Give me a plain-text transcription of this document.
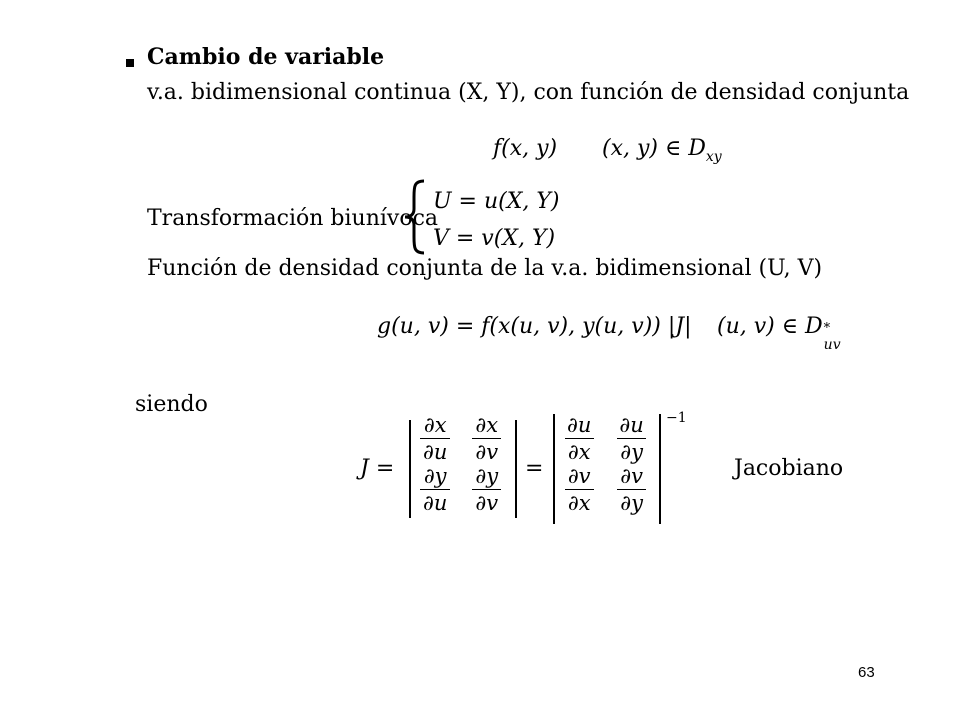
Cambio de variable
v.a. bidimensional continua (X, Y), con función de densidad conjunta
f(x, y) (x, y) ∈ $D_{xy}$
Transformación biunívoca
U = u(X, Y)
V = v(X, Y)
Función de densidad conjunta de la v.a. bidimensional (U, V)
g(u, v) = f(x(u, v), y(u, v)) |J| (u, v) ∈ D *
uv
siendo
J =
$\frac{\partial x}{\partial u} \frac{\partial x}{\partial v}$
$\frac{\partial y}{\partial u} \frac{\partial y}{\partial v}$ =
$\frac{\partial u}{\partial x} \frac{\partial u}{\partial y}$
$\frac{\partial v}{\partial x} \frac{\partial v}{\partial y}$
−1
Jacobiano
63
